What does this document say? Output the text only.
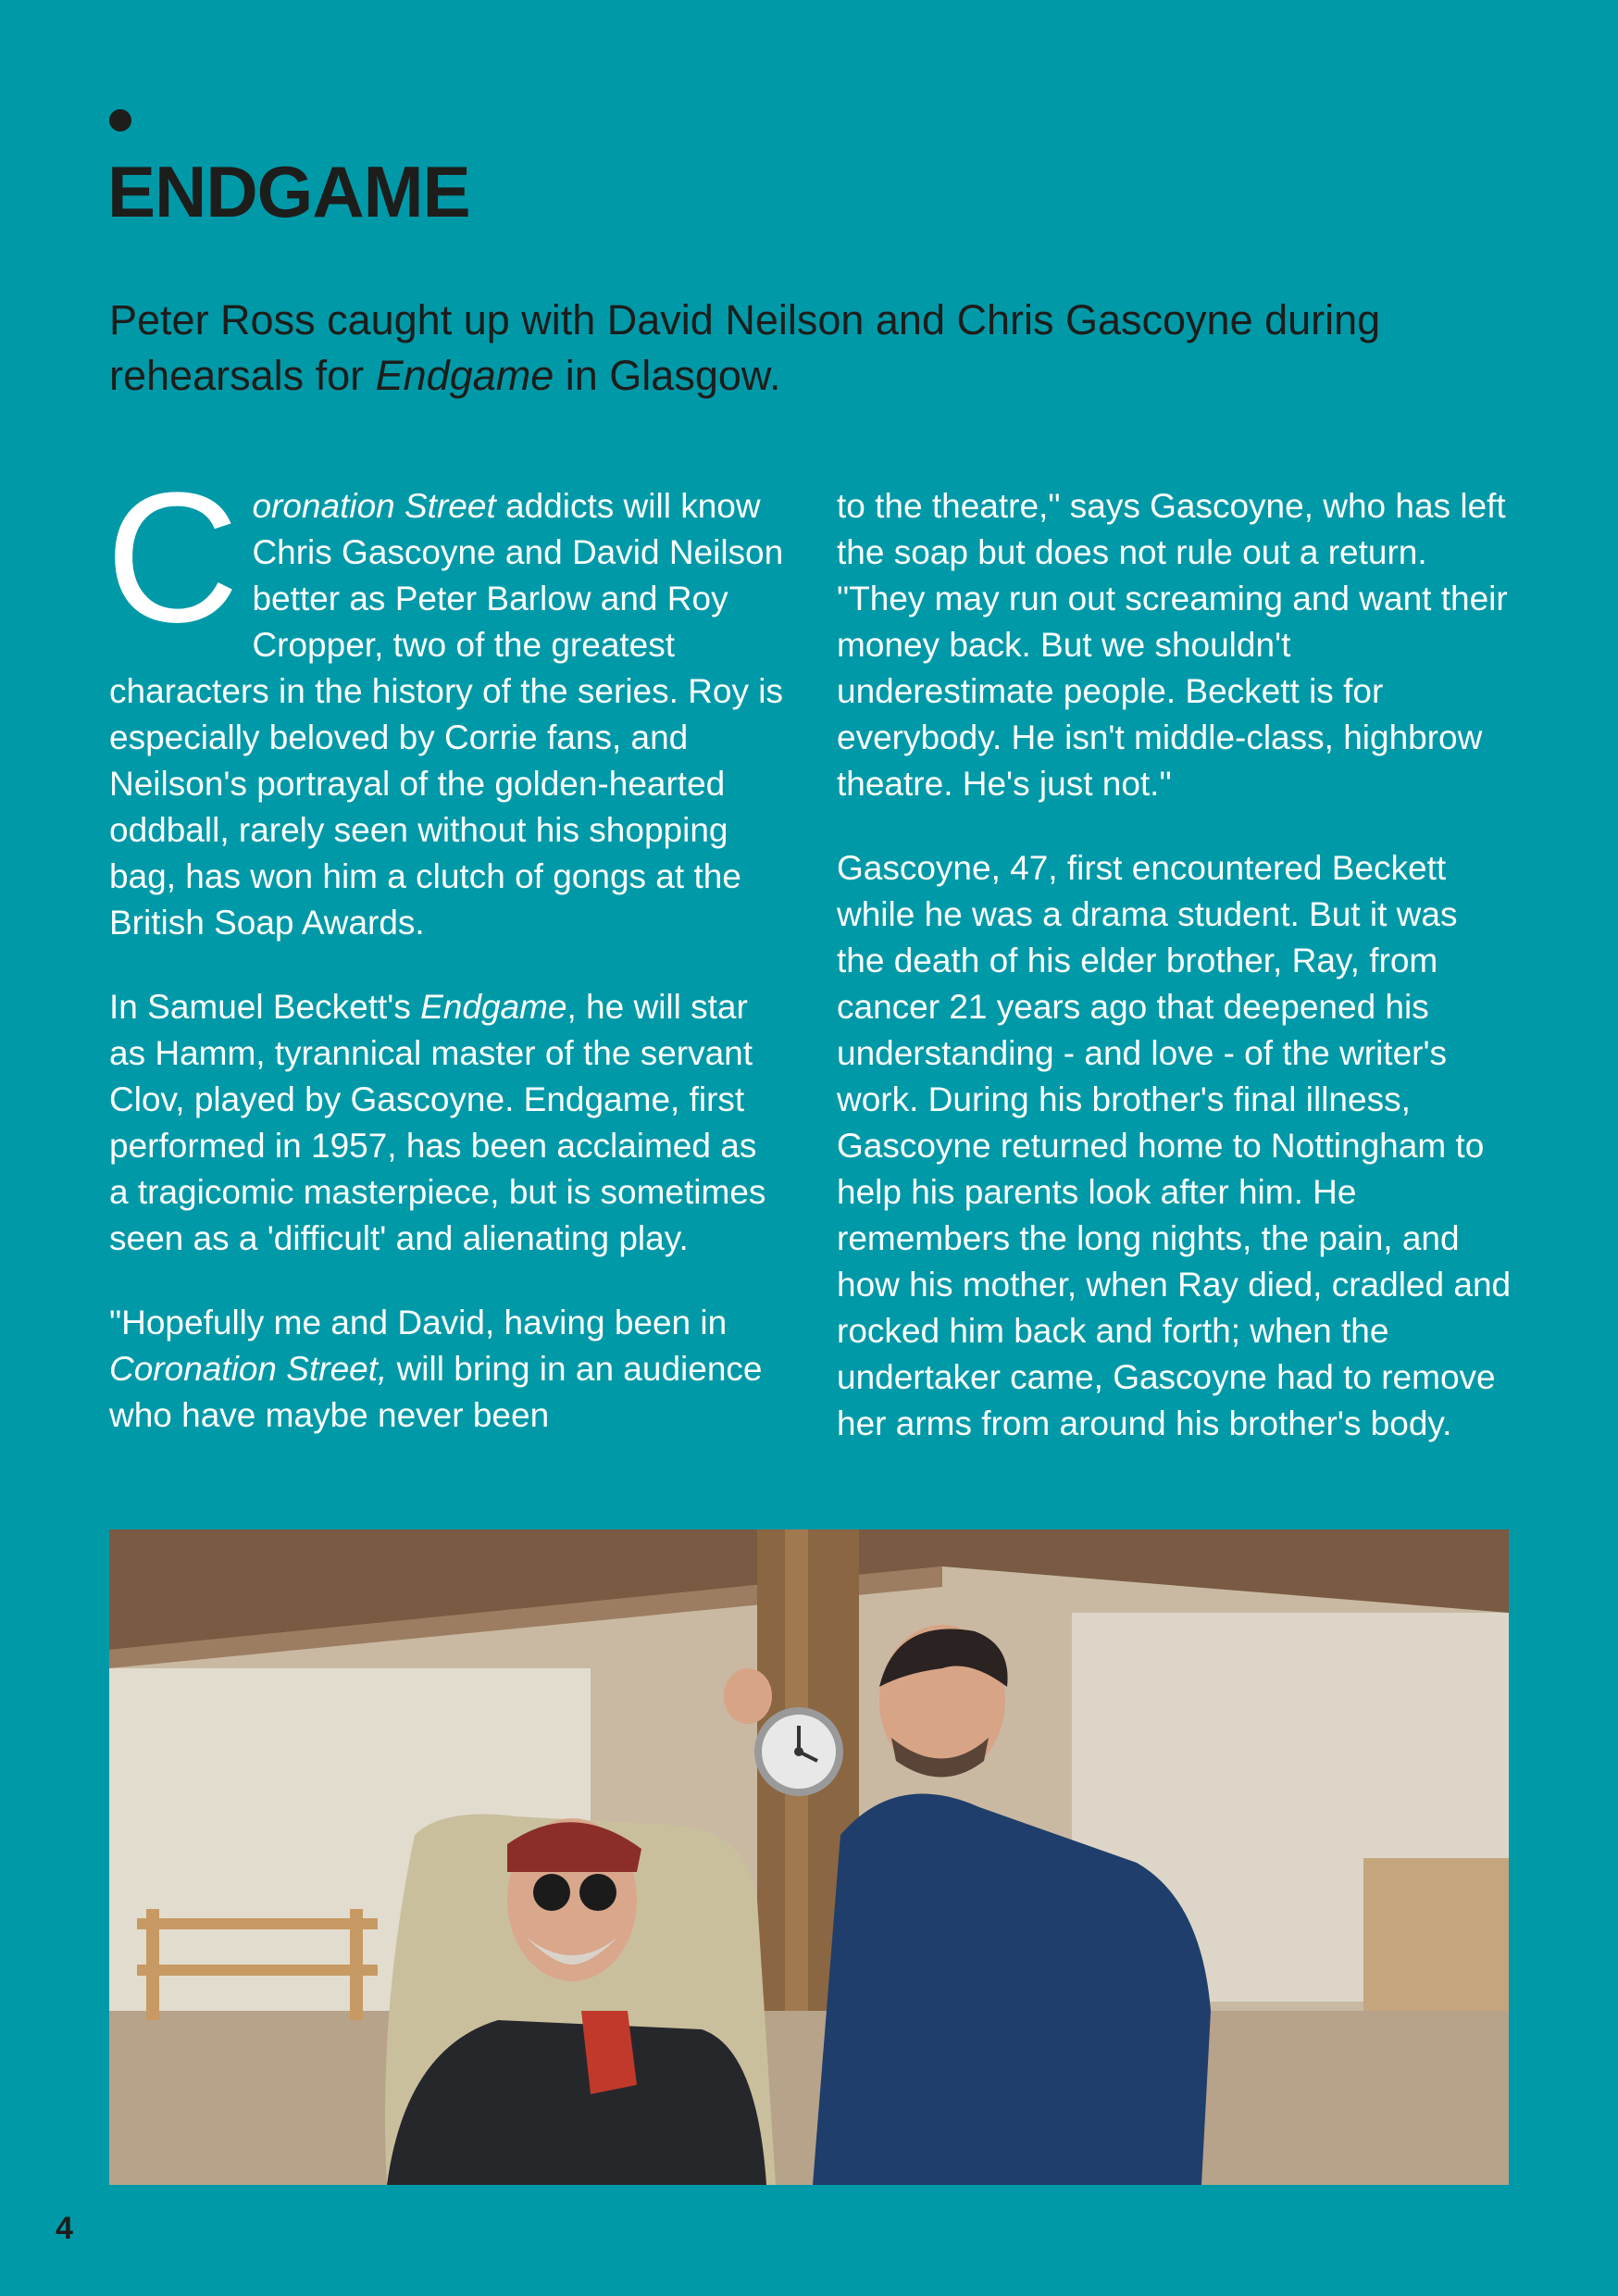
ENDGAME

Peter Ross caught up with David Neilson and Chris Gascoyne during rehearsals for Endgame in Glasgow.

Coronation Street addicts will know Chris Gascoyne and David Neilson better as Peter Barlow and Roy Cropper, two of the greatest characters in the history of the series. Roy is especially beloved by Corrie fans, and Neilson's portrayal of the golden-hearted oddball, rarely seen without his shopping bag, has won him a clutch of gongs at the British Soap Awards.

In Samuel Beckett's Endgame, he will star as Hamm, tyrannical master of the servant Clov, played by Gascoyne. Endgame, first performed in 1957, has been acclaimed as a tragicomic masterpiece, but is sometimes seen as a 'difficult' and alienating play.

"Hopefully me and David, having been in Coronation Street, will bring in an audience who have maybe never been

to the theatre," says Gascoyne, who has left the soap but does not rule out a return. "They may run out screaming and want their money back. But we shouldn't underestimate people. Beckett is for everybody. He isn't middle-class, highbrow theatre. He's just not."

Gascoyne, 47, first encountered Beckett while he was a drama student. But it was the death of his elder brother, Ray, from cancer 21 years ago that deepened his understanding - and love - of the writer's work. During his brother's final illness, Gascoyne returned home to Nottingham to help his parents look after him. He remembers the long nights, the pain, and how his mother, when Ray died, cradled and rocked him back and forth; when the undertaker came, Gascoyne had to remove her arms from around his brother's body.

4
